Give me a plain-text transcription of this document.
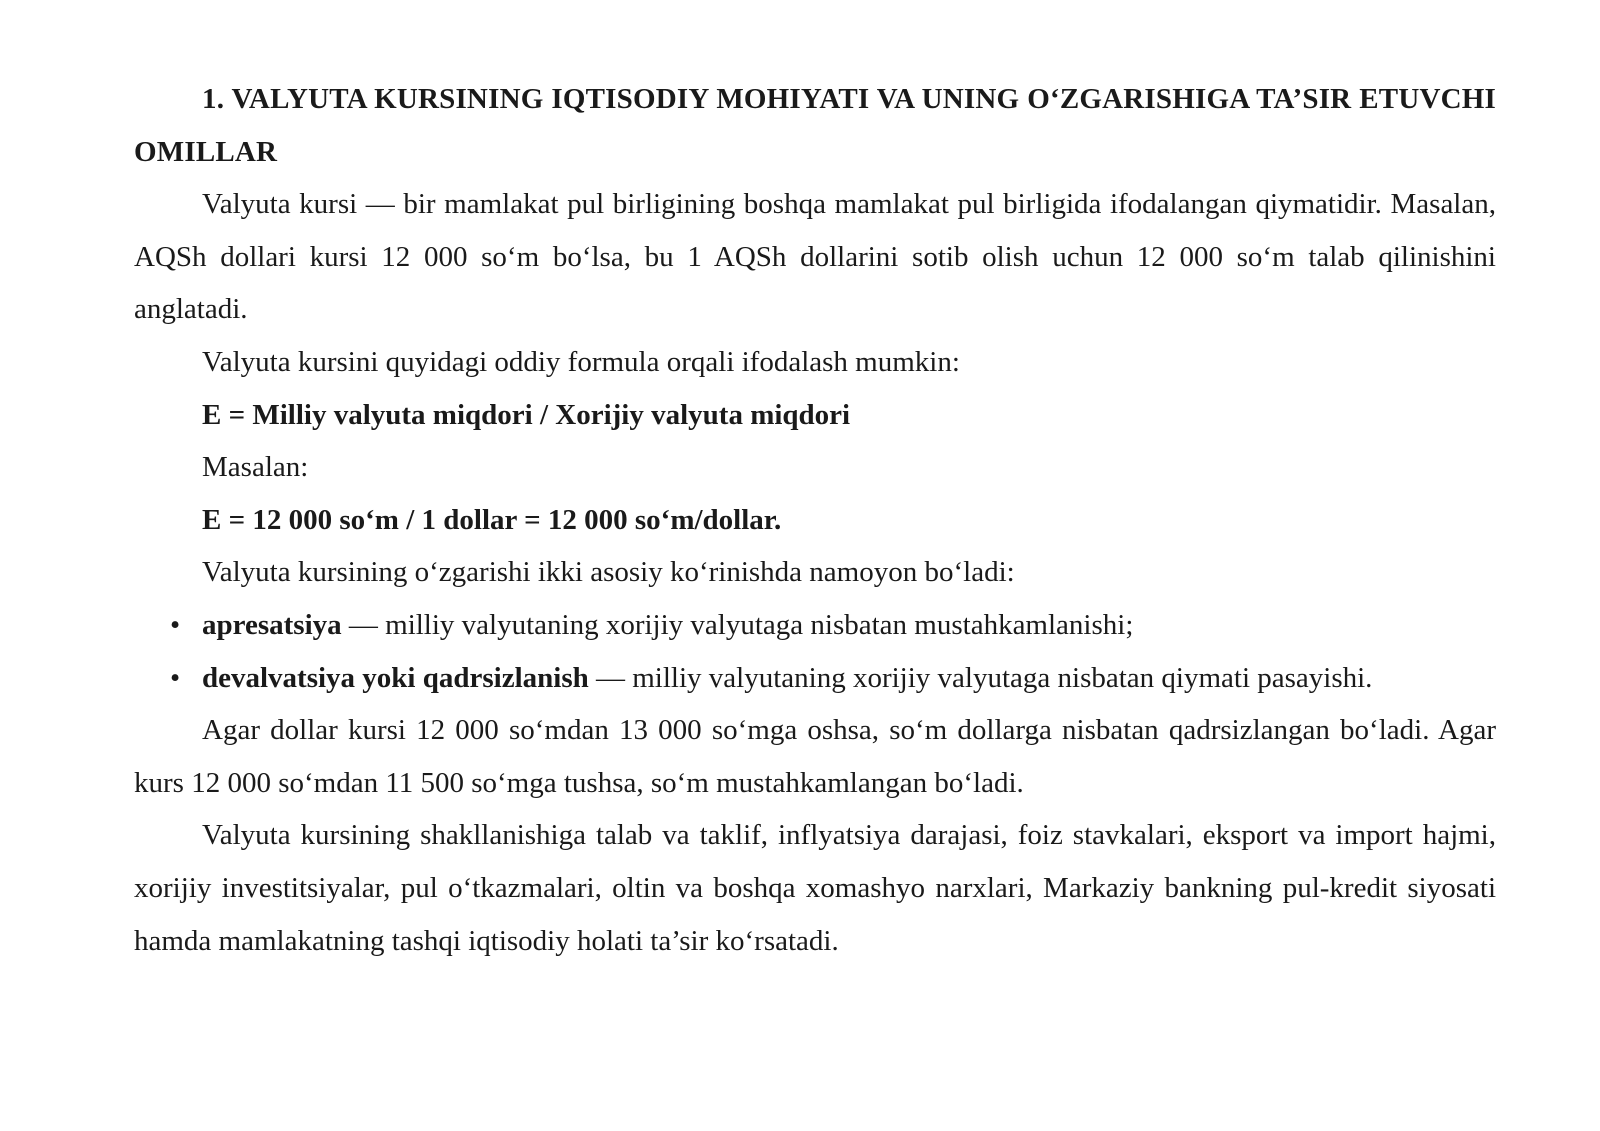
1. VALYUTA KURSINING IQTISODIY MOHIYATI VA UNING O‘ZGARISHIGA TA’SIR ETUVCHI OMILLAR

Valyuta kursi — bir mamlakat pul birligining boshqa mamlakat pul birligida ifodalangan qiymatidir. Masalan, AQSh dollari kursi 12 000 so‘m bo‘lsa, bu 1 AQSh dollarini sotib olish uchun 12 000 so‘m talab qilinishini anglatadi.

Valyuta kursini quyidagi oddiy formula orqali ifodalash mumkin:

E = Milliy valyuta miqdori / Xorijiy valyuta miqdori

Masalan:

E = 12 000 so‘m / 1 dollar = 12 000 so‘m/dollar.

Valyuta kursining o‘zgarishi ikki asosiy ko‘rinishda namoyon bo‘ladi:

• apresatsiya — milliy valyutaning xorijiy valyutaga nisbatan mustahkamlanishi;

• devalvatsiya yoki qadrsizlanish — milliy valyutaning xorijiy valyutaga nisbatan qiymati pasayishi.

Agar dollar kursi 12 000 so‘mdan 13 000 so‘mga oshsa, so‘m dollarga nisbatan qadrsizlangan bo‘ladi. Agar kurs 12 000 so‘mdan 11 500 so‘mga tushsa, so‘m mustahkamlangan bo‘ladi.

Valyuta kursining shakllanishiga talab va taklif, inflyatsiya darajasi, foiz stavkalari, eksport va import hajmi, xorijiy investitsiyalar, pul o‘tkazmalari, oltin va boshqa xomashyo narxlari, Markaziy bankning pul-kredit siyosati hamda mamlakatning tashqi iqtisodiy holati ta’sir ko‘rsatadi.
